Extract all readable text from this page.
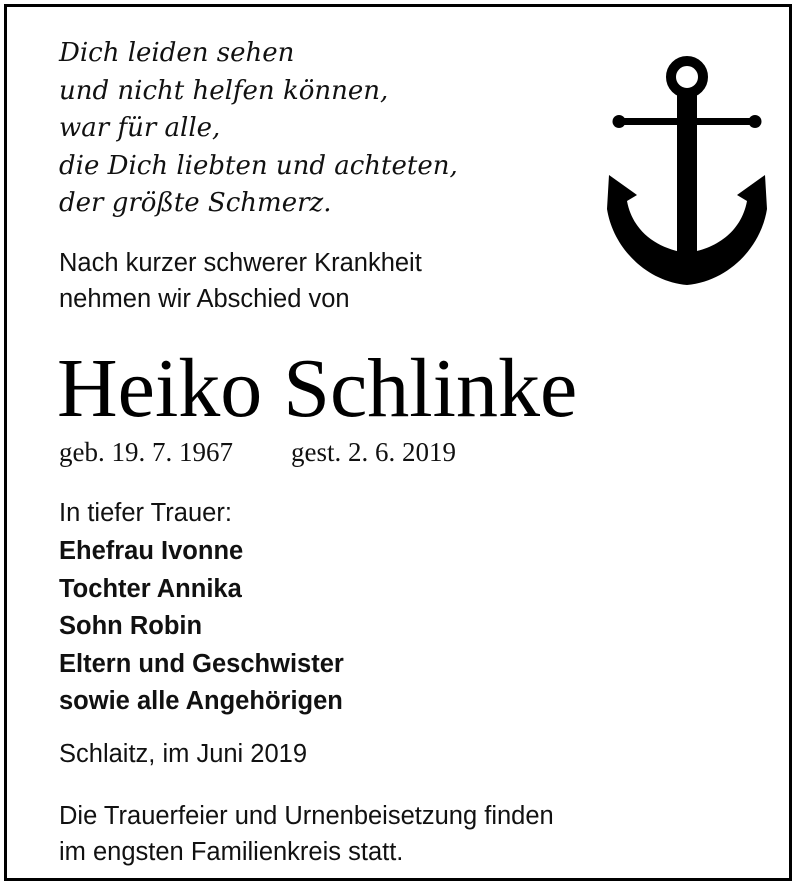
Dich leiden sehen
und nicht helfen können,
war für alle,
die Dich liebten und achteten,
der größte Schmerz.
Nach kurzer schwerer Krankheit
nehmen wir Abschied von
Heiko Schlinke
geb. 19. 7. 1967 gest. 2. 6. 2019
In tiefer Trauer:
Ehefrau Ivonne
Tochter Annika
Sohn Robin
Eltern und Geschwister
sowie alle Angehörigen
Schlaitz, im Juni 2019
Die Trauerfeier und Urnenbeisetzung finden
im engsten Familienkreis statt.
